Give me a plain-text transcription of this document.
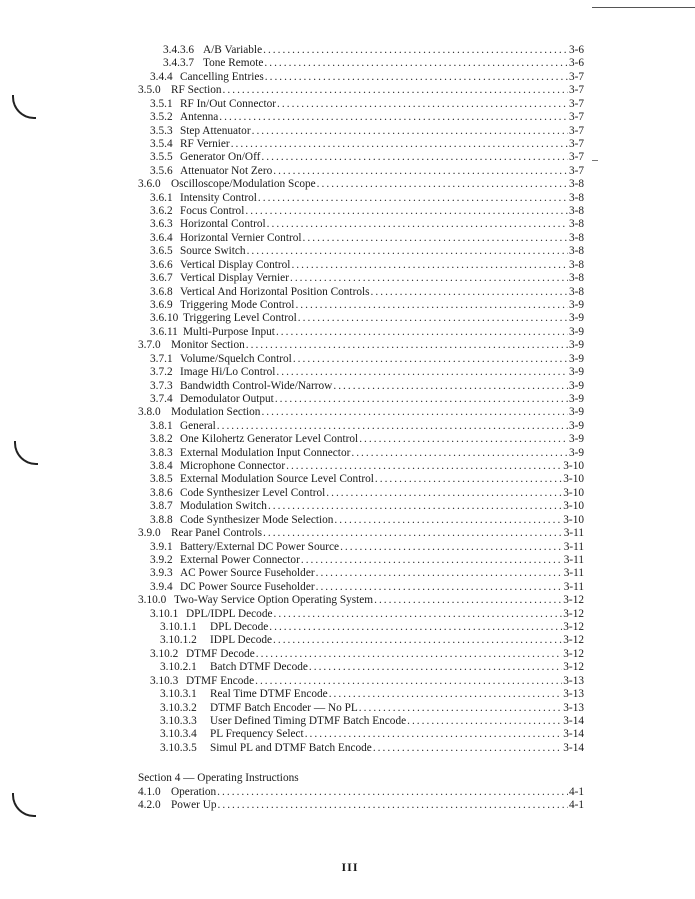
3.4.3.6 A/B Variable . . .	3-6
3.4.3.7 Tone Remote . . .	3-6
3.4.4 Cancelling Entries . . .	3-7
3.5.0 RF Section . . .	3-7
3.5.1 RF In/Out Connector . . .	3-7
3.5.2 Antenna . . .	3-7
3.5.3 Step Attenuator . . .	3-7
3.5.4 RF Vernier . . .	3-7
3.5.5 Generator On/Off . . .	3-7
3.5.6 Attenuator Not Zero . . .	3-7
3.6.0 Oscilloscope/Modulation Scope . . .	3-8
3.6.1 Intensity Control . . .	3-8
3.6.2 Focus Control . . .	3-8
3.6.3 Horizontal Control . . .	3-8
3.6.4 Horizontal Vernier Control . . .	3-8
3.6.5 Source Switch . . .	3-8
3.6.6 Vertical Display Control . . .	3-8
3.6.7 Vertical Display Vernier . . .	3-8
3.6.8 Vertical And Horizontal Position Controls . . .	3-8
3.6.9 Triggering Mode Control . . .	3-9
3.6.10 Triggering Level Control . . .	3-9
3.6.11 Multi-Purpose Input . . .	3-9
3.7.0 Monitor Section . . .	3-9
3.7.1 Volume/Squelch Control . . .	3-9
3.7.2 Image Hi/Lo Control . . .	3-9
3.7.3 Bandwidth Control-Wide/Narrow . . .	3-9
3.7.4 Demodulator Output . . .	3-9
3.8.0 Modulation Section . . .	3-9
3.8.1 General . . .	3-9
3.8.2 One Kilohertz Generator Level Control . . .	3-9
3.8.3 External Modulation Input Connector . . .	3-9
3.8.4 Microphone Connector . . .	3-10
3.8.5 External Modulation Source Level Control . . .	3-10
3.8.6 Code Synthesizer Level Control . . .	3-10
3.8.7 Modulation Switch . . .	3-10
3.8.8 Code Synthesizer Mode Selection . . .	3-10
3.9.0 Rear Panel Controls . . .	3-11
3.9.1 Battery/External DC Power Source . . .	3-11
3.9.2 External Power Connector . . .	3-11
3.9.3 AC Power Source Fuseholder . . .	3-11
3.9.4 DC Power Source Fuseholder . . .	3-11
3.10.0 Two-Way Service Option Operating System . . .	3-12
3.10.1 DPL/IDPL Decode . . .	3-12
3.10.1.1	DPL Decode . . .	3-12
3.10.1.2	IDPL Decode . . .	3-12
3.10.2 DTMF Decode . . .	3-12
3.10.2.1	Batch DTMF Decode . . .	3-12
3.10.3 DTMF Encode . . .	3-13
3.10.3.1	Real Time DTMF Encode . . .	3-13
3.10.3.2	DTMF Batch Encoder — No PL . . .	3-13
3.10.3.3	User Defined Timing DTMF Batch Encode . . .	3-14
3.10.3.4	PL Frequency Select . . .	3-14
3.10.3.5	Simul PL and DTMF Batch Encode . . .	3-14
Section 4 — Operating Instructions
4.1.0 Operation . . .	4-1
4.2.0 Power Up . . .	4-1
III
